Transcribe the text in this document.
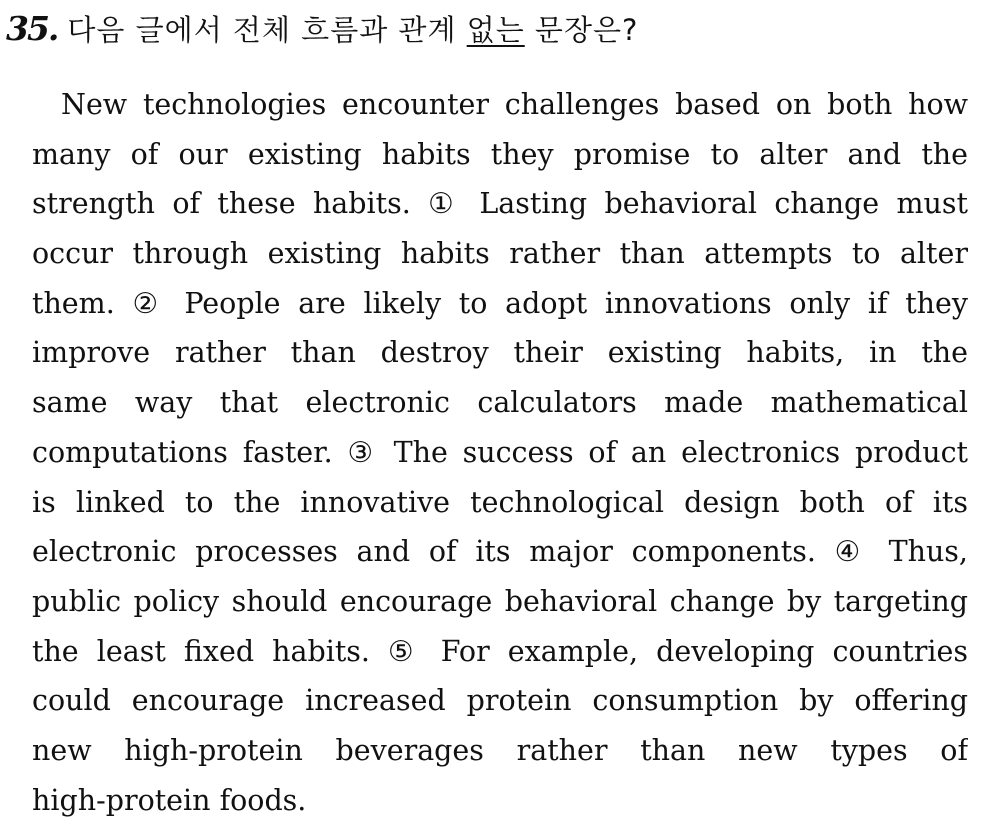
35. 다음 글에서 전체 흐름과 관계 없는 문장은?
New technologies encounter challenges based on both how
many of our existing habits they promise to alter and the
strength of these habits. ① Lasting behavioral change must
occur through existing habits rather than attempts to alter
them. ② People are likely to adopt innovations only if they
improve rather than destroy their existing habits, in the
same way that electronic calculators made mathematical
computations faster. ③ The success of an electronics product
is linked to the innovative technological design both of its
electronic processes and of its major components. ④ Thus,
public policy should encourage behavioral change by targeting
the least fixed habits. ⑤ For example, developing countries
could encourage increased protein consumption by offering
new high-protein beverages rather than new types of
high-protein foods.
